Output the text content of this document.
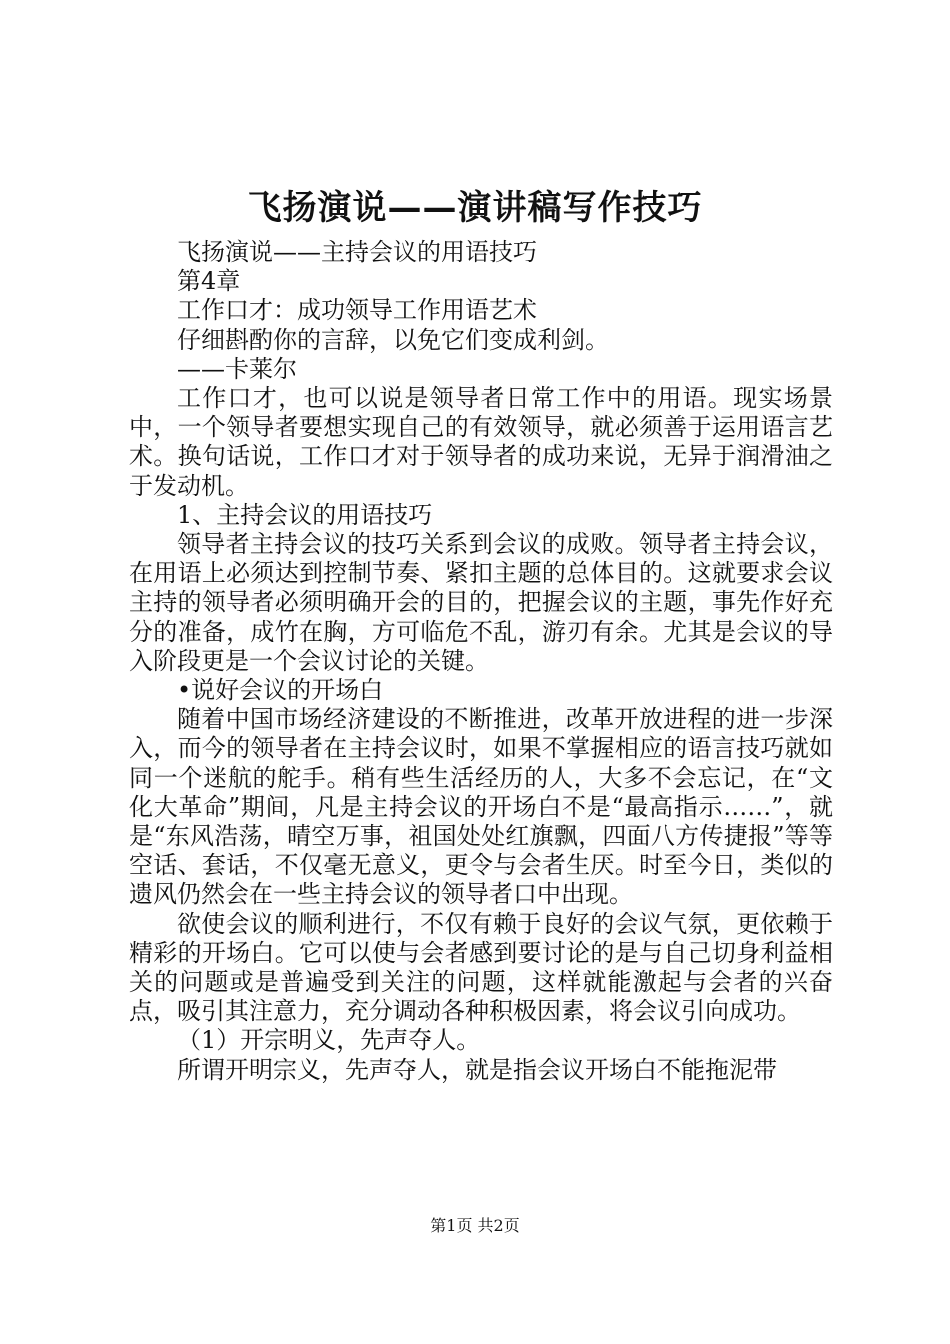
飞扬演说——演讲稿写作技巧

飞扬演说——主持会议的用语技巧

第4章

工作口才：成功领导工作用语艺术

仔细斟酌你的言辞，以免它们变成利剑。

——卡莱尔

工作口才，也可以说是领导者日常工作中的用语。现实场景中，一个领导者要想实现自己的有效领导，就必须善于运用语言艺术。换句话说，工作口才对于领导者的成功来说，无异于润滑油之于发动机。

1、主持会议的用语技巧

领导者主持会议的技巧关系到会议的成败。领导者主持会议，在用语上必须达到控制节奏、紧扣主题的总体目的。这就要求会议主持的领导者必须明确开会的目的，把握会议的主题，事先作好充分的准备，成竹在胸，方可临危不乱，游刃有余。尤其是会议的导入阶段更是一个会议讨论的关键。

•说好会议的开场白

随着中国市场经济建设的不断推进，改革开放进程的进一步深入，而今的领导者在主持会议时，如果不掌握相应的语言技巧就如同一个迷航的舵手。稍有些生活经历的人，大多不会忘记，在“文化大革命”期间，凡是主持会议的开场白不是“最高指示……”，就是“东风浩荡，晴空万事，祖国处处红旗飘，四面八方传捷报”等等空话、套话，不仅毫无意义，更令与会者生厌。时至今日，类似的遗风仍然会在一些主持会议的领导者口中出现。

欲使会议的顺利进行，不仅有赖于良好的会议气氛，更依赖于精彩的开场白。它可以使与会者感到要讨论的是与自己切身利益相关的问题或是普遍受到关注的问题，这样就能激起与会者的兴奋点，吸引其注意力，充分调动各种积极因素，将会议引向成功。

（1）开宗明义，先声夺人。

所谓开明宗义，先声夺人，就是指会议开场白不能拖泥带

第1页 共2页
